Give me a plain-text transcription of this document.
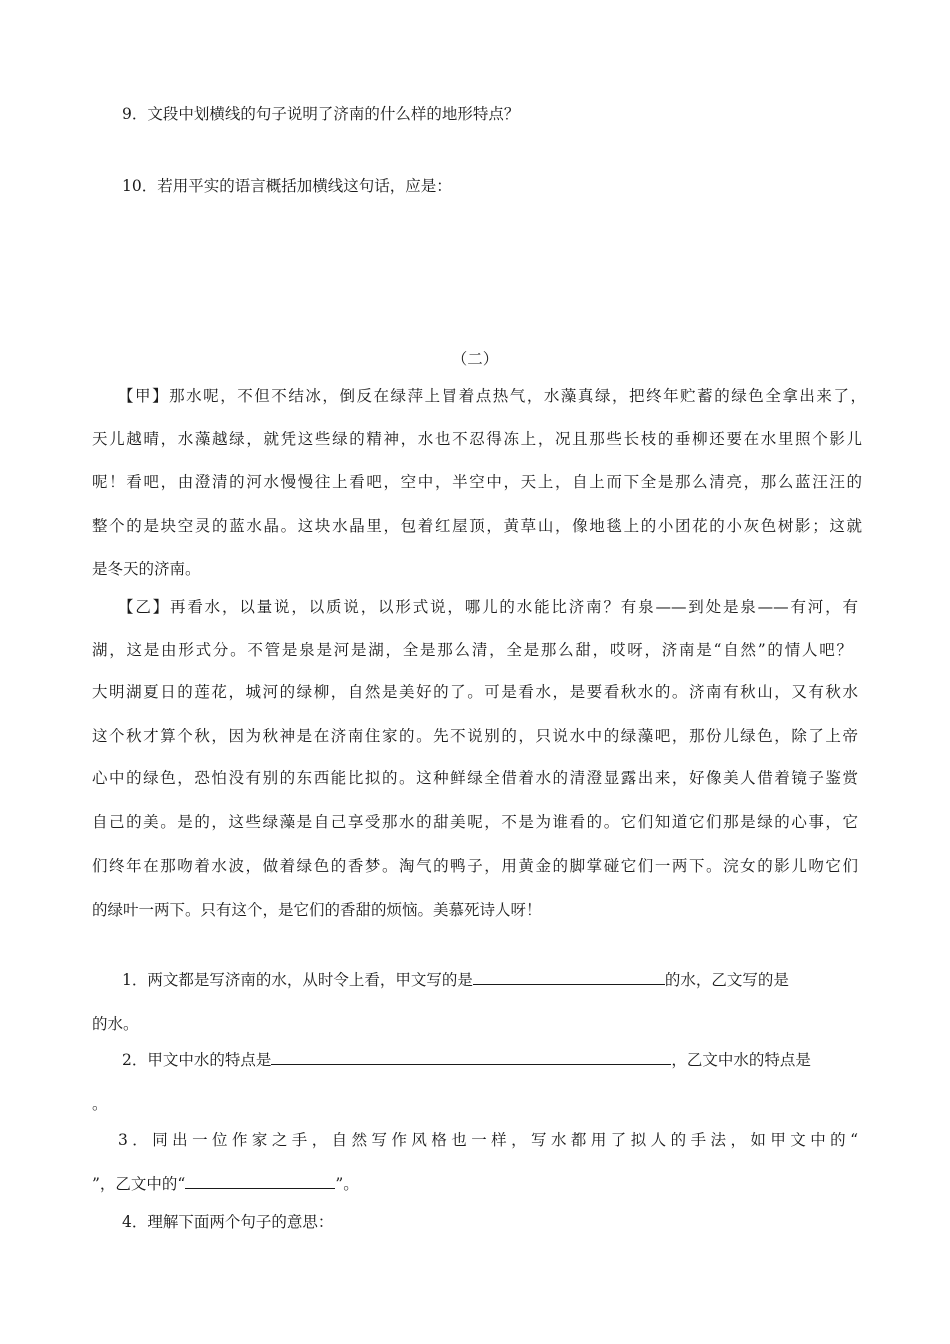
9．文段中划横线的句子说明了济南的什么样的地形特点？
10．若用平实的语言概括加横线这句话，应是：
（二）
【甲】那水呢，不但不结冰，倒反在绿萍上冒着点热气，水藻真绿，把终年贮蓄的绿色全拿出来了，
天儿越晴，水藻越绿，就凭这些绿的精神，水也不忍得冻上，况且那些长枝的垂柳还要在水里照个影儿
呢！看吧，由澄清的河水慢慢往上看吧，空中，半空中，天上，自上而下全是那么清亮，那么蓝汪汪的
整个的是块空灵的蓝水晶。这块水晶里，包着红屋顶，黄草山，像地毯上的小团花的小灰色树影；这就
是冬天的济南。
【乙】再看水，以量说，以质说，以形式说，哪儿的水能比济南？有泉——到处是泉——有河，有
湖，这是由形式分。不管是泉是河是湖，全是那么清，全是那么甜，哎呀，济南是“自然”的情人吧？
大明湖夏日的莲花，城河的绿柳，自然是美好的了。可是看水，是要看秋水的。济南有秋山，又有秋水
这个秋才算个秋，因为秋神是在济南住家的。先不说别的，只说水中的绿藻吧，那份儿绿色，除了上帝
心中的绿色，恐怕没有别的东西能比拟的。这种鲜绿全借着水的清澄显露出来，好像美人借着镜子鉴赏
自己的美。是的，这些绿藻是自己享受那水的甜美呢，不是为谁看的。它们知道它们那是绿的心事，它
们终年在那吻着水波，做着绿色的香梦。淘气的鸭子，用黄金的脚掌碰它们一两下。浣女的影儿吻它们
的绿叶一两下。只有这个，是它们的香甜的烦恼。美慕死诗人呀！
1．两文都是写济南的水，从时令上看，甲文写的是	的水，乙文写的是
的水。
2．甲文中水的特点是	，乙文中水的特点是
。
3．同出一位作家之手，自然写作风格也一样，写水都用了拟人的手法，如甲文中的“
”，乙文中的“	”。
4．理解下面两个句子的意思：
